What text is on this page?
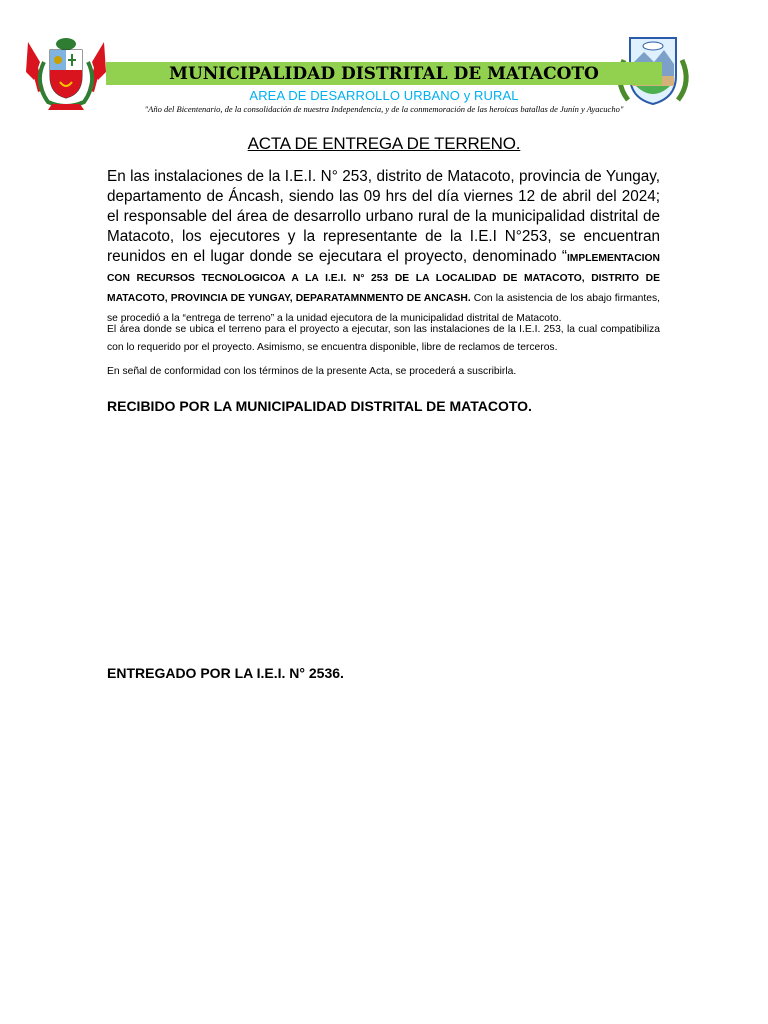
MUNICIPALIDAD DISTRITAL DE MATACOTO
AREA DE DESARROLLO URBANO y RURAL
"Año del Bicentenario, de la consolidación de nuestra Independencia, y de la conmemoración de las heroicas batallas de Junín y Ayacucho"
ACTA DE ENTREGA DE TERRENO.
En las instalaciones de la I.E.I. N° 253, distrito de Matacoto, provincia de Yungay, departamento de Áncash, siendo las 09 hrs del día viernes 12 de abril del 2024; el responsable del área de desarrollo urbano rural de la municipalidad distrital de Matacoto, los ejecutores y la representante de la I.E.I N°253, se encuentran reunidos en el lugar donde se ejecutara el proyecto, denominado “IMPLEMENTACION CON RECURSOS TECNOLOGICOA A LA I.E.I. N° 253 DE LA LOCALIDAD DE MATACOTO, DISTRITO DE MATACOTO, PROVINCIA DE YUNGAY, DEPARATAMNMENTO DE ANCASH. Con la asistencia de los abajo firmantes, se procedió a la “entrega de terreno” a la unidad ejecutora de la municipalidad distrital de Matacoto.
El área donde se ubica el terreno para el proyecto a ejecutar, son las instalaciones de la I.E.I. 253, la cual compatibiliza con lo requerido por el proyecto. Asimismo, se encuentra disponible, libre de reclamos de terceros.
En señal de conformidad con los términos de la presente Acta, se procederá a suscribirla.
RECIBIDO POR LA MUNICIPALIDAD DISTRITAL DE MATACOTO.
ENTREGADO POR LA I.E.I. N° 2536.
